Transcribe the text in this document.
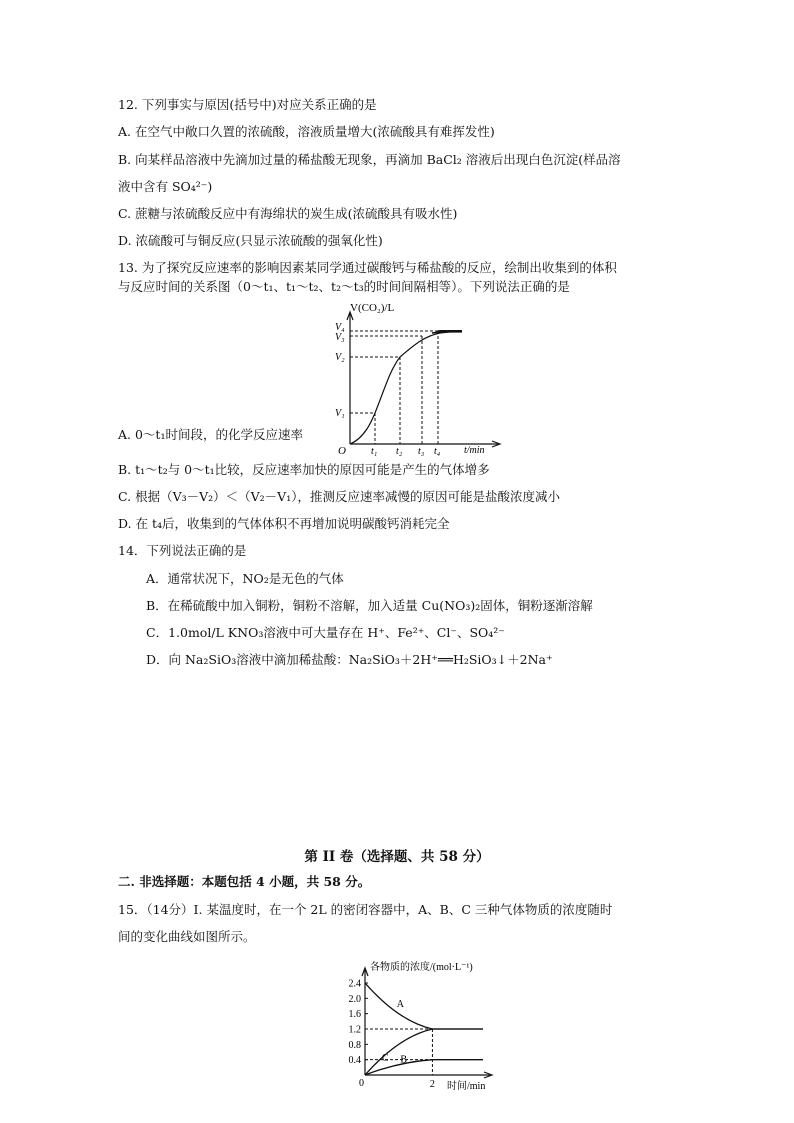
12. 下列事实与原因(括号中)对应关系正确的是
A. 在空气中敞口久置的浓硫酸，溶液质量增大(浓硫酸具有难挥发性)
B. 向某样品溶液中先滴加过量的稀盐酸无现象，再滴加 BaCl₂ 溶液后出现白色沉淀(样品溶
液中含有 SO₄²⁻)
C. 蔗糖与浓硫酸反应中有海绵状的炭生成(浓硫酸具有吸水性)
D. 浓硫酸可与铜反应(只显示浓硫酸的强氧化性)
13. 为了探究反应速率的影响因素某同学通过碳酸钙与稀盐酸的反应，绘制出收集到的体积
与反应时间的关系图（0～t₁、t₁～t₂、t₂～t₃的时间间隔相等）。下列说法正确的是
V(CO₂)/L
O	t/min
V₁
V₂
V₃
V₄
t₁ t₂ t₃ t₄
A. 0～t₁时间段，的化学反应速率
B. t₁～t₂与 0～t₁比较，反应速率加快的原因可能是产生的气体增多
C. 根据（V₃－V₂）＜（V₂－V₁），推测反应速率减慢的原因可能是盐酸浓度减小
D. 在 t₄后，收集到的气体体积不再增加说明碳酸钙消耗完全
14．下列说法正确的是
A．通常状况下，NO₂是无色的气体
B．在稀硫酸中加入铜粉，铜粉不溶解，加入适量 Cu(NO₃)₂固体，铜粉逐渐溶解
C．1.0mol/L KNO₃溶液中可大量存在 H⁺、Fe²⁺、Cl⁻、SO₄²⁻
D．向 Na₂SiO₃溶液中滴加稀盐酸：Na₂SiO₃＋2H⁺══H₂SiO₃↓＋2Na⁺
第 II 卷（选择题、共 58 分）
二. 非选择题：本题包括 4 小题，共 58 分。
15．（14分）Ⅰ. 某温度时，在一个 2L 的密闭容器中，A、B、C 三种气体物质的浓度随时
间的变化曲线如图所示。
0.4
0.8
1.2
1.6
2.0
2.4
2
A
C B
各物质的浓度/(mol·L⁻¹)
时间/min
0
